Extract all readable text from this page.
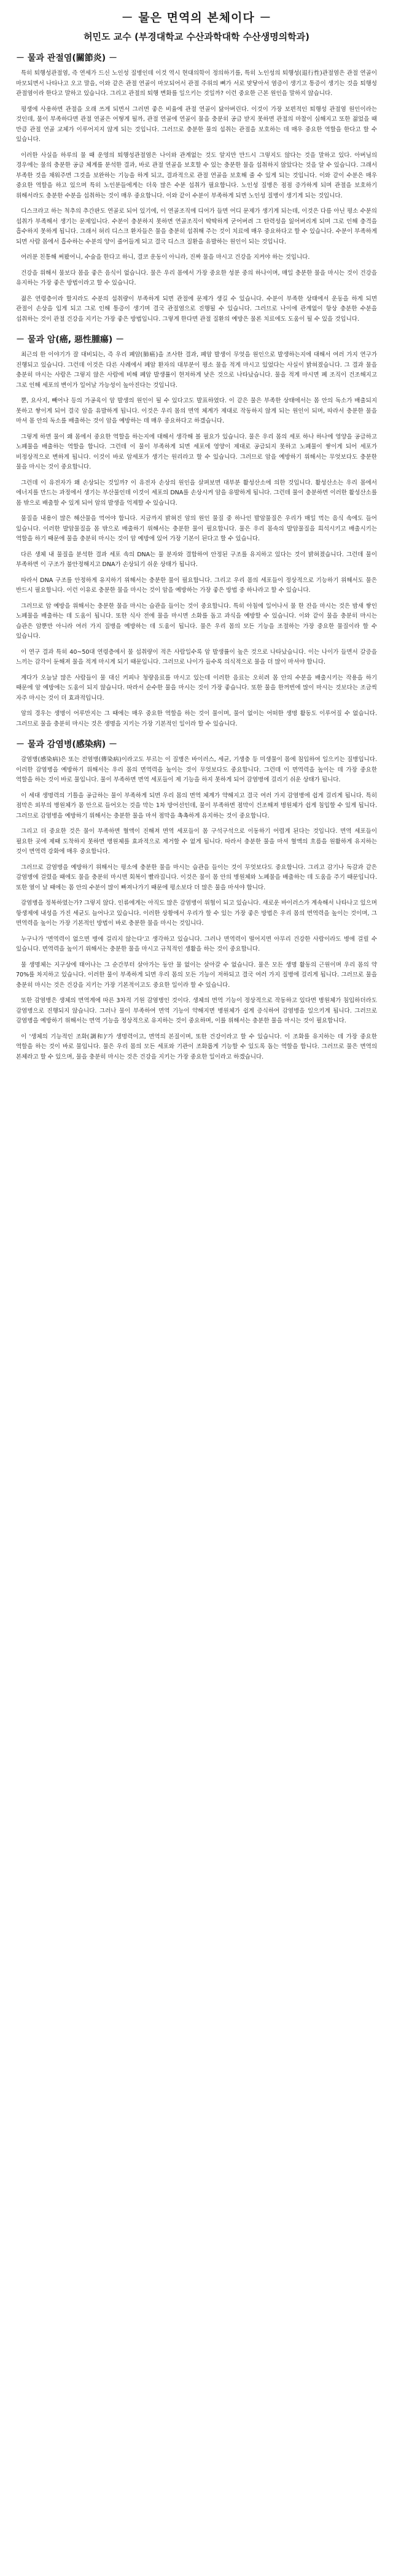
－ 물은 면역의 본체이다 －
허민도 교수 (부경대학교 수산과학대학 수산생명의학과)
－ 물과 관절염(關節炎) －

특히 퇴행성관절염, 즉 연세가 드신 노인성 질병인데 이것 역시 현대의학이 정의하기를, 특히 노인성의 퇴행성(退行性)관절염은 관절 연골이 마모되면서 나타나고 오고 말을, 이와 같은 관절 연골이 마모되어서 관절 주위의 뼈가 서로 맞닿아서 염증이 생기고 통증이 생기는 것을 퇴행성 관절염이라 한다고 말하고 있습니다. 그리고 관절의 퇴행 변화를 일으키는 것일까? 이런 중요한 근본 원인을 말하지 않습니다.

평생에 사용하면 관절을 오래 쓰게 되면서 그러면 좋은 비율에 관절 연골이 닳아버린다. 이것이 가장 보편적인 퇴행성 관절염 원인이라는 것인데, 물이 부족하다면 관절 연골은 어떻게 될까, 관절 연골에 연골이 물을 충분히 공급 받지 못하면 관절의 마찰이 심해지고 또한 젊었을 때 만큼 관절 연골 교체가 이루어지지 않게 되는 것입니다. 그러므로 충분한 물의 섭취는 관절을 보호하는 데 매우 중요한 역할을 한다고 할 수 있습니다.

이러한 사실을 하루의 물 때 운영의 퇴행성관절염은 나이와 관계없는 것도 알지만 만드시 그렇지도 않다는 것을 말하고 있다. 아버님의 경우에는 물의 충분한 공급 체계를 분석한 결과, 바로 관절 연골을 보호할 수 있는 충분한 물을 섭취하지 않았다는 것을 알 수 있습니다. 그래서 부족한 것을 채워주면 그것을 보완하는 기능을 하게 되고, 결과적으로 관절 연골을 보호해 줄 수 있게 되는 것입니다. 이와 같이 수분은 매우 중요한 역할을 하고 있으며 특히 노인분들에게는 더욱 많은 수분 섭취가 필요합니다. 노인성 질병은 점점 증가하게 되며 관절을 보호하기 위해서라도 충분한 수분을 섭취하는 것이 매우 중요합니다. 이와 같이 수분이 부족하게 되면 노인성 질병이 생기게 되는 것입니다.

디스크라고 하는 척추의 추간판도 연골로 되어 있기에, 이 연골조직에 디어가 들면 어디 문제가 생기게 되는데, 이것은 다름 아닌 평소 수분의 섭취가 부족해서 생기는 문제입니다. 수분이 충분하지 못하면 연골조직이 딱딱하게 굳어버려 그 탄력성을 잃어버리게 되며 그로 인해 충격을 흡수하지 못하게 됩니다. 그래서 허리 디스크 환자들은 물을 충분히 섭취해 주는 것이 치료에 매우 중요하다고 할 수 있습니다. 수분이 부족하게 되면 사람 몸에서 흡수하는 수분의 양이 줄어들게 되고 결국 디스크 질환을 유발하는 원인이 되는 것입니다.

여러분 친통해 써봤어니, 수술을 한다고 하니, 결코 운동이 아니라, 진짜 물을 마시고 건강을 지켜야 하는 것입니다.

건강을 위해서 물보다 몸을 좋은 음식이 없습니다. 물은 우리 몸에서 가장 중요한 성분 중의 하나이며, 매일 충분한 물을 마시는 것이 건강을 유지하는 가장 좋은 방법이라고 할 수 있습니다.

젊은 연령층이라 할지라도 수분의 섭취량이 부족하게 되면 관절에 문제가 생길 수 있습니다. 수분이 부족한 상태에서 운동을 하게 되면 관절이 손상을 입게 되고 그로 인해 통증이 생기며 결국 관절염으로 진행될 수 있습니다. 그러므로 나이에 관계없이 항상 충분한 수분을 섭취하는 것이 관절 건강을 지키는 가장 좋은 방법입니다. 그렇게 한다면 관절 질환의 예방은 물론 치료에도 도움이 될 수 있을 것입니다.

－ 물과 암(癌, 惡性腫瘍) －

최근의 한 이야기가 잘 대비되는, 즉 우리 폐암(肺癌)을 조사한 결과, 폐암 발생이 무엇을 원인으로 발생하는지에 대해서 여러 가지 연구가 진행되고 있습니다. 그런데 이것은 다른 사례에서 폐암 환자의 대부분이 평소 물을 적게 마시고 있었다는 사실이 밝혀졌습니다. 그 결과 물을 충분히 마시는 사람은 그렇지 않은 사람에 비해 폐암 발생률이 현저하게 낮은 것으로 나타났습니다. 물을 적게 마시면 폐 조직이 건조해지고 그로 인해 세포의 변이가 일어날 가능성이 높아진다는 것입니다.

뿐, 요사지, 빼어나 등의 가공육이 암 발생의 원인이 될 수 있다고도 발표하였다. 이 같은 물은 부족한 상태에서는 몸 안의 독소가 배출되지 못하고 쌓이게 되어 결국 암을 유발하게 됩니다. 이것은 우리 몸의 면역 체계가 제대로 작동하지 않게 되는 원인이 되며, 따라서 충분한 물을 마셔 몸 안의 독소를 배출하는 것이 암을 예방하는 데 매우 중요하다고 하겠습니다.

그렇게 하면 물이 왜 몸에서 중요한 역할을 하는지에 대해서 생각해 볼 필요가 있습니다. 물은 우리 몸의 세포 하나 하나에 영양을 공급하고 노폐물을 배출하는 역할을 합니다. 그런데 이 물이 부족하게 되면 세포에 영양이 제대로 공급되지 못하고 노폐물이 쌓이게 되어 세포가 비정상적으로 변하게 됩니다. 이것이 바로 암세포가 생기는 원리라고 할 수 있습니다. 그러므로 암을 예방하기 위해서는 무엇보다도 충분한 물을 마시는 것이 중요합니다.

그런데 이 유전자가 왜 손상되는 것일까? 이 유전자 손상의 원인을 살펴보면 대부분 활성산소에 의한 것입니다. 활성산소는 우리 몸에서 에너지를 만드는 과정에서 생기는 부산물인데 이것이 세포의 DNA를 손상시켜 암을 유발하게 됩니다. 그런데 물이 충분하면 이러한 활성산소를 몸 밖으로 배출할 수 있게 되어 암의 발생을 억제할 수 있습니다.

물질을 내용이 많은 해산물을 먹어야 합니다. 지금까지 밝혀진 암의 원인 물질 중 하나인 발암물질은 우리가 매일 먹는 음식 속에도 들어 있습니다. 이러한 발암물질을 몸 밖으로 배출하기 위해서는 충분한 물이 필요합니다. 물은 우리 몸속의 발암물질을 희석시키고 배출시키는 역할을 하기 때문에 물을 충분히 마시는 것이 암 예방에 있어 가장 기본이 된다고 할 수 있습니다.

다른 생체 내 물질을 분석한 결과 세포 속의 DNA는 물 분자와 결합하여 안정된 구조를 유지하고 있다는 것이 밝혀졌습니다. 그런데 물이 부족하면 이 구조가 불안정해지고 DNA가 손상되기 쉬운 상태가 됩니다.

따라서 DNA 구조를 안정하게 유지하기 위해서는 충분한 물이 필요합니다. 그리고 우리 몸의 세포들이 정상적으로 기능하기 위해서도 물은 반드시 필요합니다. 이런 이유로 충분한 물을 마시는 것이 암을 예방하는 가장 좋은 방법 중 하나라고 할 수 있습니다.

그러므로 암 예방을 위해서는 충분한 물을 마시는 습관을 들이는 것이 중요합니다. 특히 아침에 일어나서 물 한 잔을 마시는 것은 밤새 쌓인 노폐물을 배출하는 데 도움이 됩니다. 또한 식사 전에 물을 마시면 소화를 돕고 과식을 예방할 수 있습니다. 이와 같이 물을 충분히 마시는 습관은 암뿐만 아니라 여러 가지 질병을 예방하는 데 도움이 됩니다. 물은 우리 몸의 모든 기능을 조절하는 가장 중요한 물질이라 할 수 있습니다.

이 연구 결과 특히 40~50대 연령층에서 물 섭취량이 적은 사람일수록 암 발생률이 높은 것으로 나타났습니다. 이는 나이가 들면서 갈증을 느끼는 감각이 둔해져 물을 적게 마시게 되기 때문입니다. 그러므로 나이가 들수록 의식적으로 물을 더 많이 마셔야 합니다.

계다가 오늘날 많은 사람들이 물 대신 커피나 청량음료를 마시고 있는데 이러한 음료는 오히려 몸 안의 수분을 배출시키는 작용을 하기 때문에 암 예방에는 도움이 되지 않습니다. 따라서 순수한 물을 마시는 것이 가장 좋습니다. 또한 물을 한꺼번에 많이 마시는 것보다는 조금씩 자주 마시는 것이 더 효과적입니다.

암의 경우는 생명이 어루만지는 그 때에는 매우 중요한 역할을 하는 것이 물이며, 물이 없이는 어떠한 생명 활동도 이루어질 수 없습니다. 그러므로 물을 충분히 마시는 것은 생명을 지키는 가장 기본적인 일이라 할 수 있습니다.

－ 물과 감염병(感染病) －

감염병(感染病)은 또는 전염병(傳染病)이라고도 부르는 이 질병은 바이러스, 세균, 기생충 등 미생물이 몸에 침입하여 일으키는 질병입니다. 이러한 감염병을 예방하기 위해서는 우리 몸의 면역력을 높이는 것이 무엇보다도 중요합니다. 그런데 이 면역력을 높이는 데 가장 중요한 역할을 하는 것이 바로 물입니다. 물이 부족하면 면역 세포들이 제 기능을 하지 못하게 되어 감염병에 걸리기 쉬운 상태가 됩니다.

이 세대 생명력의 기틀을 공급하는 물이 부족하게 되면 우리 몸의 면역 체계가 약해지고 결국 여러 가지 감염병에 쉽게 걸리게 됩니다. 특히 점막은 외부의 병원체가 몸 안으로 들어오는 것을 막는 1차 방어선인데, 물이 부족하면 점막이 건조해져 병원체가 쉽게 침입할 수 있게 됩니다. 그러므로 감염병을 예방하기 위해서는 충분한 물을 마셔 점막을 촉촉하게 유지하는 것이 중요합니다.

그리고 더 중요한 것은 물이 부족하면 혈액이 진해져 면역 세포들이 몸 구석구석으로 이동하기 어렵게 된다는 것입니다. 면역 세포들이 필요한 곳에 제때 도착하지 못하면 병원체를 효과적으로 제거할 수 없게 됩니다. 따라서 충분한 물을 마셔 혈액의 흐름을 원활하게 유지하는 것이 면역력 강화에 매우 중요합니다.

그러므로 감염병을 예방하기 위해서는 평소에 충분한 물을 마시는 습관을 들이는 것이 무엇보다도 중요합니다. 그리고 감기나 독감과 같은 감염병에 걸렸을 때에도 물을 충분히 마시면 회복이 빨라집니다. 이것은 물이 몸 안의 병원체와 노폐물을 배출하는 데 도움을 주기 때문입니다. 또한 열이 날 때에는 몸 안의 수분이 많이 빠져나가기 때문에 평소보다 더 많은 물을 마셔야 합니다.

감염병을 정복하였는가? 그렇지 않다. 인류에게는 아직도 많은 감염병이 위협이 되고 있습니다. 새로운 바이러스가 계속해서 나타나고 있으며 항생제에 내성을 가진 세균도 늘어나고 있습니다. 이러한 상황에서 우리가 할 수 있는 가장 좋은 방법은 우리 몸의 면역력을 높이는 것이며, 그 면역력을 높이는 가장 기본적인 방법이 바로 충분한 물을 마시는 것입니다.

누구나가 '면역력이 없으면 병에 걸리지 않는다'고 생각하고 있습니다. 그러나 면역력이 떨어지면 아무리 건강한 사람이라도 병에 걸릴 수 있습니다. 면역력을 높이기 위해서는 충분한 물을 마시고 규칙적인 생활을 하는 것이 중요합니다.

물 생명체는 지구상에 태어나는 그 순간부터 살아가는 동안 물 없이는 살아갈 수 없습니다. 물은 모든 생명 활동의 근원이며 우리 몸의 약 70%를 차지하고 있습니다. 이러한 물이 부족하게 되면 우리 몸의 모든 기능이 저하되고 결국 여러 가지 질병에 걸리게 됩니다. 그러므로 물을 충분히 마시는 것은 건강을 지키는 가장 기본적이고도 중요한 일이라 할 수 있습니다.

또한 감염병은 생체의 면역계에 따른 3차적 기원 감염병인 것이다. 생체의 면역 기능이 정상적으로 작동하고 있다면 병원체가 침입하더라도 감염병으로 진행되지 않습니다. 그러나 물이 부족하여 면역 기능이 약해지면 병원체가 쉽게 증식하여 감염병을 일으키게 됩니다. 그러므로 감염병을 예방하기 위해서는 면역 기능을 정상적으로 유지하는 것이 중요하며, 이를 위해서는 충분한 물을 마시는 것이 필요합니다.

이 '생체의 기능적인 조화(調和)'가 생명력이고, 면역의 본질이며, 또한 건강이라고 할 수 있습니다. 이 조화를 유지하는 데 가장 중요한 역할을 하는 것이 바로 물입니다. 물은 우리 몸의 모든 세포와 기관이 조화롭게 기능할 수 있도록 돕는 역할을 합니다. 그러므로 물은 면역의 본체라고 할 수 있으며, 물을 충분히 마시는 것은 건강을 지키는 가장 중요한 일이라고 하겠습니다.
